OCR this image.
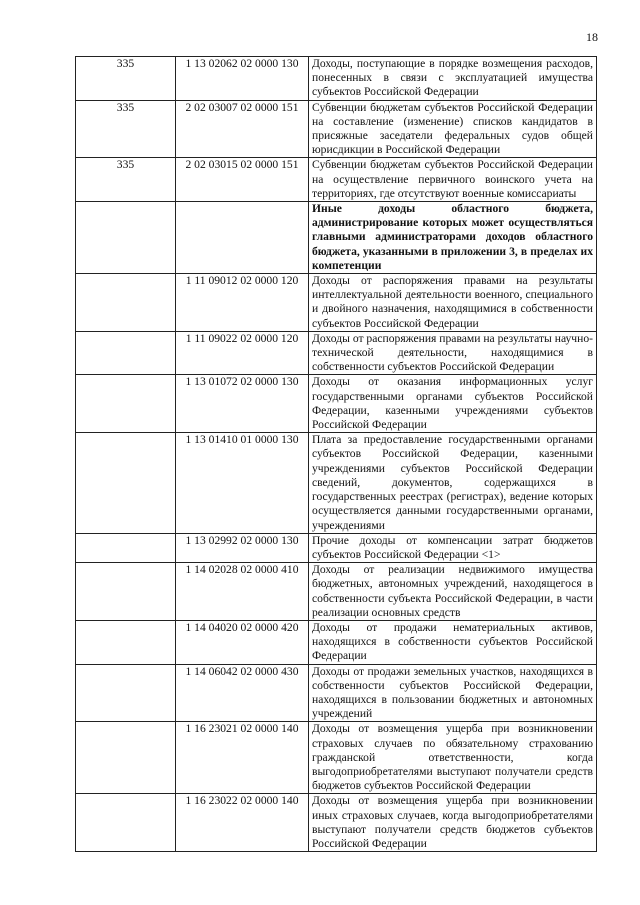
18
335	1 13 02062 02 0000 130	Доходы, поступающие в порядке возмещения расходов, понесенных в связи с эксплуатацией имущества субъектов Российской Федерации
335	2 02 03007 02 0000 151	Субвенции бюджетам субъектов Российской Федерации на составление (изменение) списков кандидатов в присяжные заседатели федеральных судов общей юрисдикции в Российской Федерации
335	2 02 03015 02 0000 151	Субвенции бюджетам субъектов Российской Федерации на осуществление первичного воинского учета на территориях, где отсутствуют военные комиссариаты
		Иные доходы областного бюджета, администрирование которых может осуществляться главными администраторами доходов областного бюджета, указанными в приложении 3, в пределах их компетенции
	1 11 09012 02 0000 120	Доходы от распоряжения правами на результаты интеллектуальной деятельности военного, специального и двойного назначения, находящимися в собственности субъектов Российской Федерации
	1 11 09022 02 0000 120	Доходы от распоряжения правами на результаты научно-технической деятельности, находящимися в собственности субъектов Российской Федерации
	1 13 01072 02 0000 130	Доходы от оказания информационных услуг государственными органами субъектов Российской Федерации, казенными учреждениями субъектов Российской Федерации
	1 13 01410 01 0000 130	Плата за предоставление государственными органами субъектов Российской Федерации, казенными учреждениями субъектов Российской Федерации сведений, документов, содержащихся в государственных реестрах (регистрах), ведение которых осуществляется данными государственными органами, учреждениями
	1 13 02992 02 0000 130	Прочие доходы от компенсации затрат бюджетов субъектов Российской Федерации <1>
	1 14 02028 02 0000 410	Доходы от реализации недвижимого имущества бюджетных, автономных учреждений, находящегося в собственности субъекта Российской Федерации, в части реализации основных средств
	1 14 04020 02 0000 420	Доходы от продажи нематериальных активов, находящихся в собственности субъектов Российской Федерации
	1 14 06042 02 0000 430	Доходы от продажи земельных участков, находящихся в собственности субъектов Российской Федерации, находящихся в пользовании бюджетных и автономных учреждений
	1 16 23021 02 0000 140	Доходы от возмещения ущерба при возникновении страховых случаев по обязательному страхованию гражданской ответственности, когда выгодоприобретателями выступают получатели средств бюджетов субъектов Российской Федерации
	1 16 23022 02 0000 140	Доходы от возмещения ущерба при возникновении иных страховых случаев, когда выгодоприобретателями выступают получатели средств бюджетов субъектов Российской Федерации
